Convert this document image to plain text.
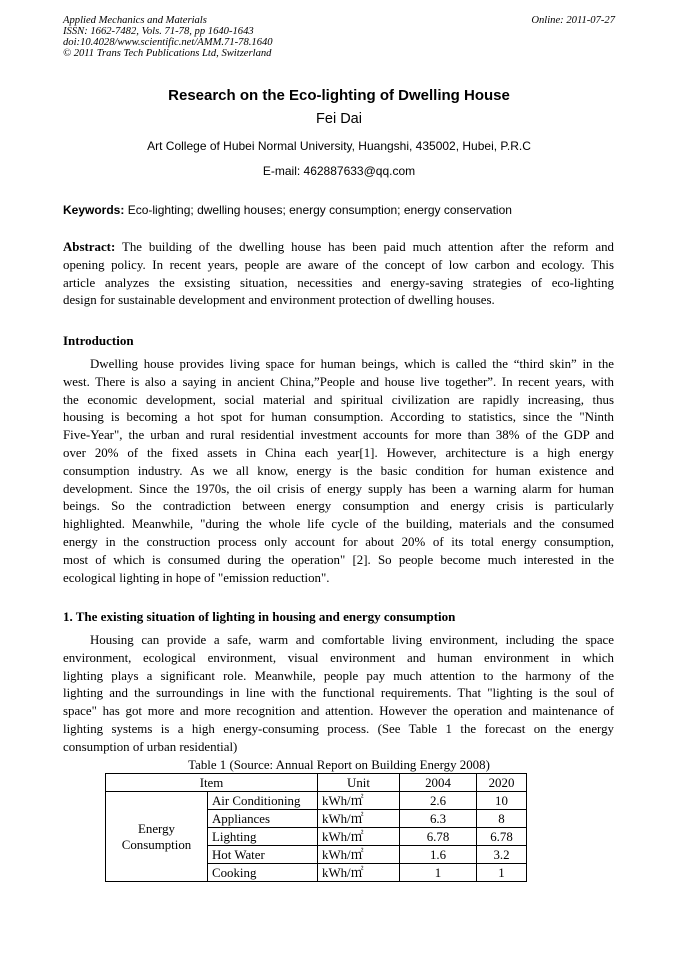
Applied Mechanics and Materials
ISSN: 1662-7482, Vols. 71-78, pp 1640-1643
doi:10.4028/www.scientific.net/AMM.71-78.1640
© 2011 Trans Tech Publications Ltd, Switzerland
Online: 2011-07-27
Research on the Eco-lighting of Dwelling House
Fei Dai
Art College of Hubei Normal University, Huangshi, 435002, Hubei, P.R.C
E-mail: 462887633@qq.com
Keywords: Eco-lighting; dwelling houses; energy consumption; energy conservation
Abstract: The building of the dwelling house has been paid much attention after the reform and
opening policy. In recent years, people are aware of the concept of low carbon and ecology. This
article analyzes the exsisting situation, necessities and energy-saving strategies of eco-lighting
design for sustainable development and environment protection of dwelling houses.
Introduction
Dwelling house provides living space for human beings, which is called the “third skin” in the
west. There is also a saying in ancient China,”People and house live together”. In recent years, with
the economic development, social material and spiritual civilization are rapidly increasing, thus
housing is becoming a hot spot for human consumption. According to statistics, since the "Ninth
Five-Year", the urban and rural residential investment accounts for more than 38% of the GDP and
over 20% of the fixed assets in China each year[1]. However, architecture is a high energy
consumption industry. As we all know, energy is the basic condition for human existence and
development. Since the 1970s, the oil crisis of energy supply has been a warning alarm for human
beings. So the contradiction between energy consumption and energy crisis is particularly
highlighted. Meanwhile, "during the whole life cycle of the building, materials and the consumed
energy in the construction process only account for about 20% of its total energy consumption,
most of which is consumed during the operation" [2]. So people become much interested in the
ecological lighting in hope of "emission reduction".
1. The existing situation of lighting in housing and energy consumption
Housing can provide a safe, warm and comfortable living environment, including the space
environment, ecological environment, visual environment and human environment in which
lighting plays a significant role. Meanwhile, people pay much attention to the harmony of the
lighting and the surroundings in line with the functional requirements. That "lighting is the soul of
space" has got more and more recognition and attention. However the operation and maintenance of
lighting systems is a high energy-consuming process. (See Table 1 the forecast on the energy
consumption of urban residential)
Table 1 (Source: Annual Report on Building Energy 2008)
Item		Unit	2004	2020
Energy
Consumption	Air Conditioning	kWh/㎡	2.6	10
	Appliances	kWh/㎡	6.3	8
	Lighting	kWh/㎡	6.78	6.78
	Hot Water	kWh/㎡	1.6	3.2
	Cooking	kWh/㎡	1	1
